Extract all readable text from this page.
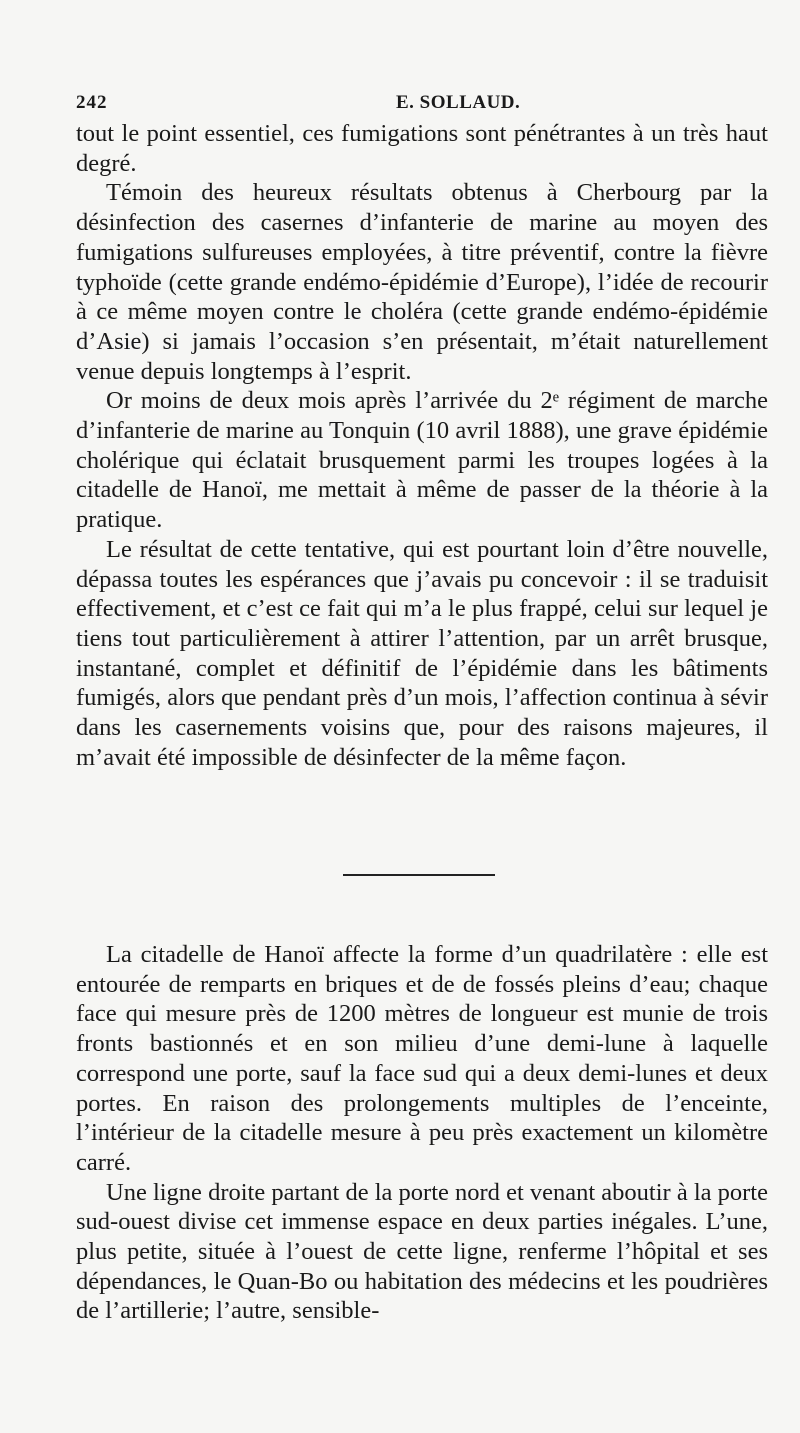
242	E. SOLLAUD.

tout le point essentiel, ces fumigations sont pénétrantes à un très haut degré.

Témoin des heureux résultats obtenus à Cherbourg par la désinfection des casernes d’infanterie de marine au moyen des fumigations sulfureuses employées, à titre préventif, contre la fièvre typhoïde (cette grande endémo-épidémie d’Europe), l’idée de recourir à ce même moyen contre le choléra (cette grande endémo-épidémie d’Asie) si jamais l’occasion s’en présentait, m’était naturellement venue depuis longtemps à l’esprit.

Or moins de deux mois après l’arrivée du 2ᵉ régiment de marche d’infanterie de marine au Tonquin (10 avril 1888), une grave épidémie cholérique qui éclatait brusquement parmi les troupes logées à la citadelle de Hanoï, me mettait à même de passer de la théorie à la pratique.

Le résultat de cette tentative, qui est pourtant loin d’être nouvelle, dépassa toutes les espérances que j’avais pu concevoir : il se traduisit effectivement, et c’est ce fait qui m’a le plus frappé, celui sur lequel je tiens tout particulièrement à attirer l’attention, par un arrêt brusque, instantané, complet et définitif de l’épidémie dans les bâtiments fumigés, alors que pendant près d’un mois, l’affection continua à sévir dans les casernements voisins que, pour des raisons majeures, il m’avait été impossible de désinfecter de la même façon.

La citadelle de Hanoï affecte la forme d’un quadrilatère : elle est entourée de remparts en briques et de de fossés pleins d’eau; chaque face qui mesure près de 1200 mètres de longueur est munie de trois fronts bastionnés et en son milieu d’une demi-lune à laquelle correspond une porte, sauf la face sud qui a deux demi-lunes et deux portes. En raison des prolongements multiples de l’enceinte, l’intérieur de la citadelle mesure à peu près exactement un kilomètre carré.

Une ligne droite partant de la porte nord et venant aboutir à la porte sud-ouest divise cet immense espace en deux parties inégales. L’une, plus petite, située à l’ouest de cette ligne, renferme l’hôpital et ses dépendances, le Quan-Bo ou habitation des médecins et les poudrières de l’artillerie; l’autre, sensible-
